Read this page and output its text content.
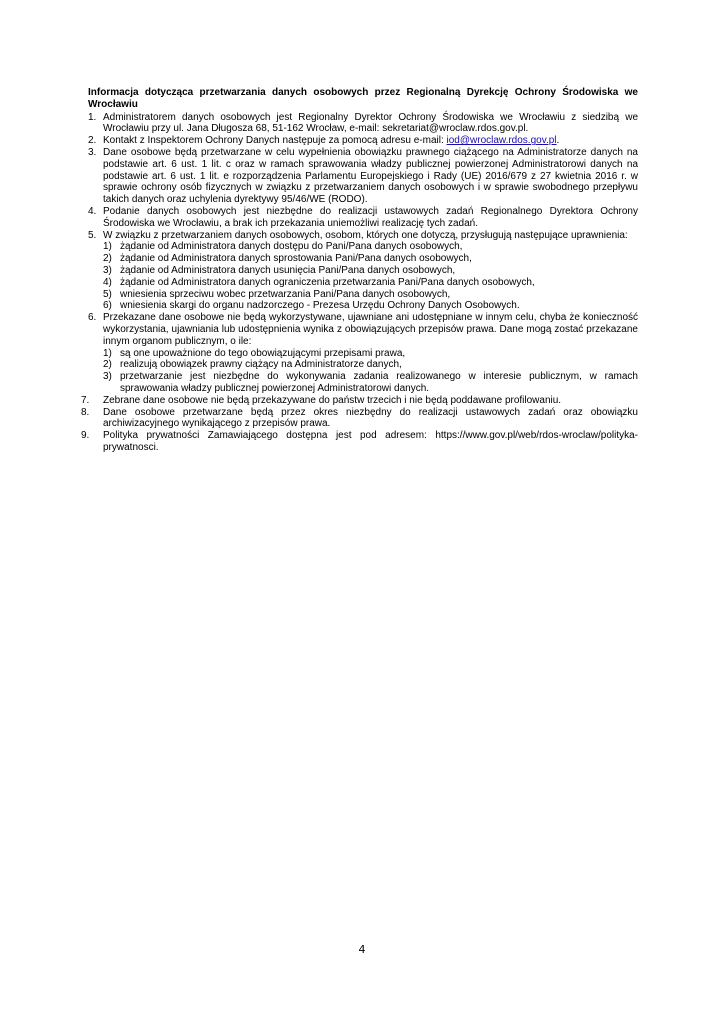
Informacja dotycząca przetwarzania danych osobowych przez Regionalną Dyrekcję Ochrony Środowiska we Wrocławiu

1. Administratorem danych osobowych jest Regionalny Dyrektor Ochrony Środowiska we Wrocławiu z siedzibą we Wrocławiu przy ul. Jana Długosza 68, 51-162 Wrocław, e-mail: sekretariat@wroclaw.rdos.gov.pl.
2. Kontakt z Inspektorem Ochrony Danych następuje za pomocą adresu e-mail: iod@wroclaw.rdos.gov.pl.
3. Dane osobowe będą przetwarzane w celu wypełnienia obowiązku prawnego ciążącego na Administratorze danych na podstawie art. 6 ust. 1 lit. c oraz w ramach sprawowania władzy publicznej powierzonej Administratorowi danych na podstawie art. 6 ust. 1 lit. e rozporządzenia Parlamentu Europejskiego i Rady (UE) 2016/679 z 27 kwietnia 2016 r. w sprawie ochrony osób fizycznych w związku z przetwarzaniem danych osobowych i w sprawie swobodnego przepływu takich danych oraz uchylenia dyrektywy 95/46/WE (RODO).
4. Podanie danych osobowych jest niezbędne do realizacji ustawowych zadań Regionalnego Dyrektora Ochrony Środowiska we Wrocławiu, a brak ich przekazania uniemożliwi realizację tych zadań.
5. W związku z przetwarzaniem danych osobowych, osobom, których one dotyczą, przysługują następujące uprawnienia:
1) żądanie od Administratora danych dostępu do Pani/Pana danych osobowych,
2) żądanie od Administratora danych sprostowania Pani/Pana danych osobowych,
3) żądanie od Administratora danych usunięcia Pani/Pana danych osobowych,
4) żądanie od Administratora danych ograniczenia przetwarzania Pani/Pana danych osobowych,
5) wniesienia sprzeciwu wobec przetwarzania Pani/Pana danych osobowych,
6) wniesienia skargi do organu nadzorczego - Prezesa Urzędu Ochrony Danych Osobowych.
6. Przekazane dane osobowe nie będą wykorzystywane, ujawniane ani udostępniane w innym celu, chyba że konieczność wykorzystania, ujawniania lub udostępnienia wynika z obowiązujących przepisów prawa. Dane mogą zostać przekazane innym organom publicznym, o ile:
1) są one upoważnione do tego obowiązującymi przepisami prawa,
2) realizują obowiązek prawny ciążący na Administratorze danych,
3) przetwarzanie jest niezbędne do wykonywania zadania realizowanego w interesie publicznym, w ramach sprawowania władzy publicznej powierzonej Administratorowi danych.
7. Zebrane dane osobowe nie będą przekazywane do państw trzecich i nie będą poddawane profilowaniu.
8. Dane osobowe przetwarzane będą przez okres niezbędny do realizacji ustawowych zadań oraz obowiązku archiwizacyjnego wynikającego z przepisów prawa.
9. Polityka prywatności Zamawiającego dostępna jest pod adresem: https://www.gov.pl/web/rdos-wroclaw/polityka-prywatnosci.
4
